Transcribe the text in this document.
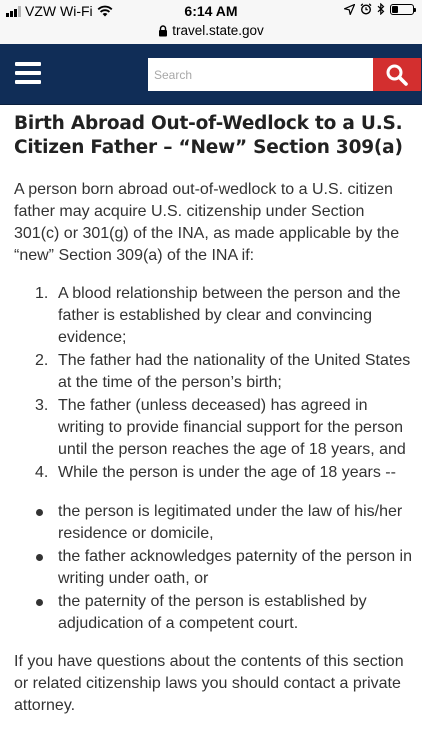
VZW Wi-Fi	6:14 AM
travel.state.gov
Search
Birth Abroad Out-of-Wedlock to a U.S. Citizen Father – “New” Section 309(a)

A person born abroad out-of-wedlock to a U.S. citizen father may acquire U.S. citizenship under Section 301(c) or 301(g) of the INA, as made applicable by the “new” Section 309(a) of the INA if:

1. A blood relationship between the person and the father is established by clear and convincing evidence;
2. The father had the nationality of the United States at the time of the person’s birth;
3. The father (unless deceased) has agreed in writing to provide financial support for the person until the person reaches the age of 18 years, and
4. While the person is under the age of 18 years --
the person is legitimated under the law of his/her residence or domicile,
the father acknowledges paternity of the person in writing under oath, or
the paternity of the person is established by adjudication of a competent court.

If you have questions about the contents of this section or related citizenship laws you should contact a private attorney.
